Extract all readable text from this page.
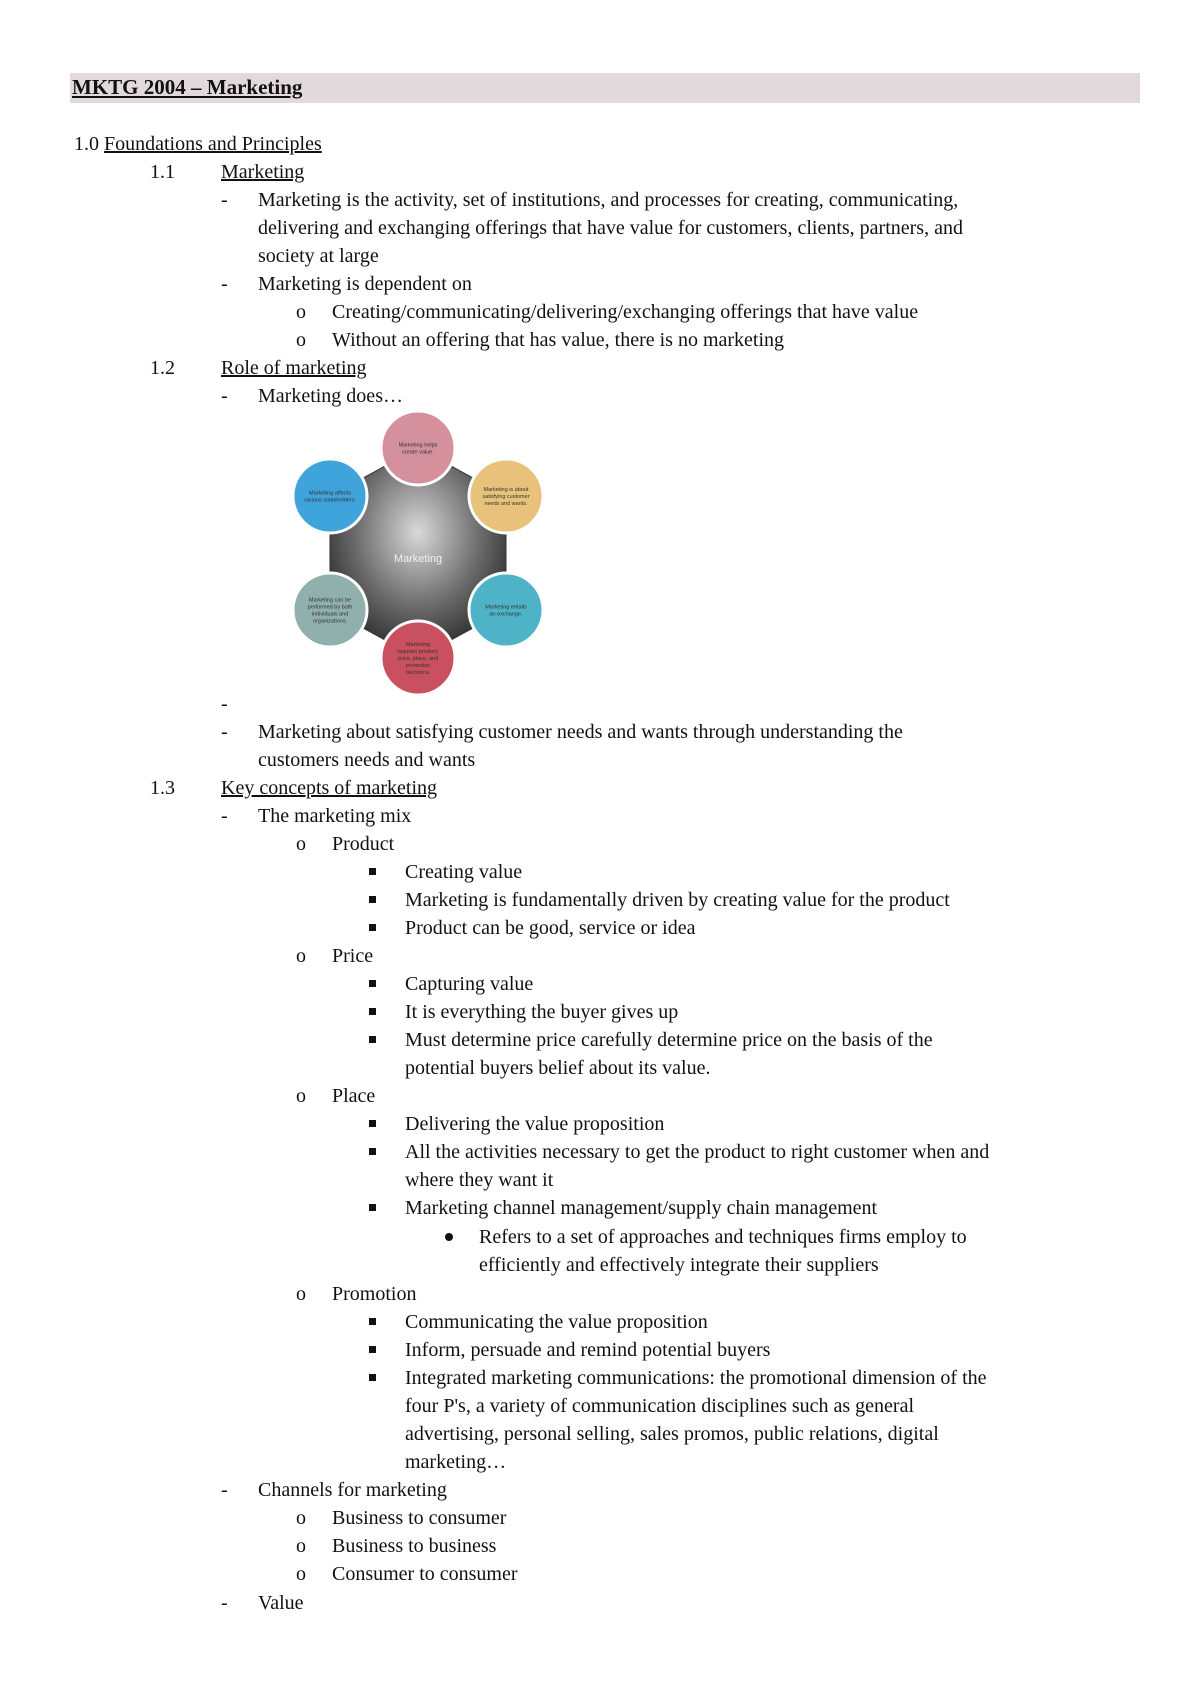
MKTG 2004 – Marketing
1.0 Foundations and Principles
1.1 Marketing
- Marketing is the activity, set of institutions, and processes for creating, communicating,
delivering and exchanging offerings that have value for customers, clients, partners, and
society at large
- Marketing is dependent on
o Creating/communicating/delivering/exchanging offerings that have value
o Without an offering that has value, there is no marketing
1.2 Role of marketing
- Marketing does…
Marketing
Marketing helps
create value.
Marketing is about
satisfying customer
needs and wants.
Marketing entails
an exchange.
Marketing
requires product,
price, place, and
promotion
decisions.
Marketing can be
performed by both
individuals and
organizations.
Marketing affects
various stakeholders.
-
- Marketing about satisfying customer needs and wants through understanding the
customers needs and wants
1.3 Key concepts of marketing
- The marketing mix
o Product
Creating value
Marketing is fundamentally driven by creating value for the product
Product can be good, service or idea
o Price
Capturing value
It is everything the buyer gives up
Must determine price carefully determine price on the basis of the
potential buyers belief about its value.
o Place
Delivering the value proposition
All the activities necessary to get the product to right customer when and
where they want it
Marketing channel management/supply chain management
Refers to a set of approaches and techniques firms employ to
efficiently and effectively integrate their suppliers
o Promotion
Communicating the value proposition
Inform, persuade and remind potential buyers
Integrated marketing communications: the promotional dimension of the
four P's, a variety of communication disciplines such as general
advertising, personal selling, sales promos, public relations, digital
marketing…
- Channels for marketing
o Business to consumer
o Business to business
o Consumer to consumer
- Value
